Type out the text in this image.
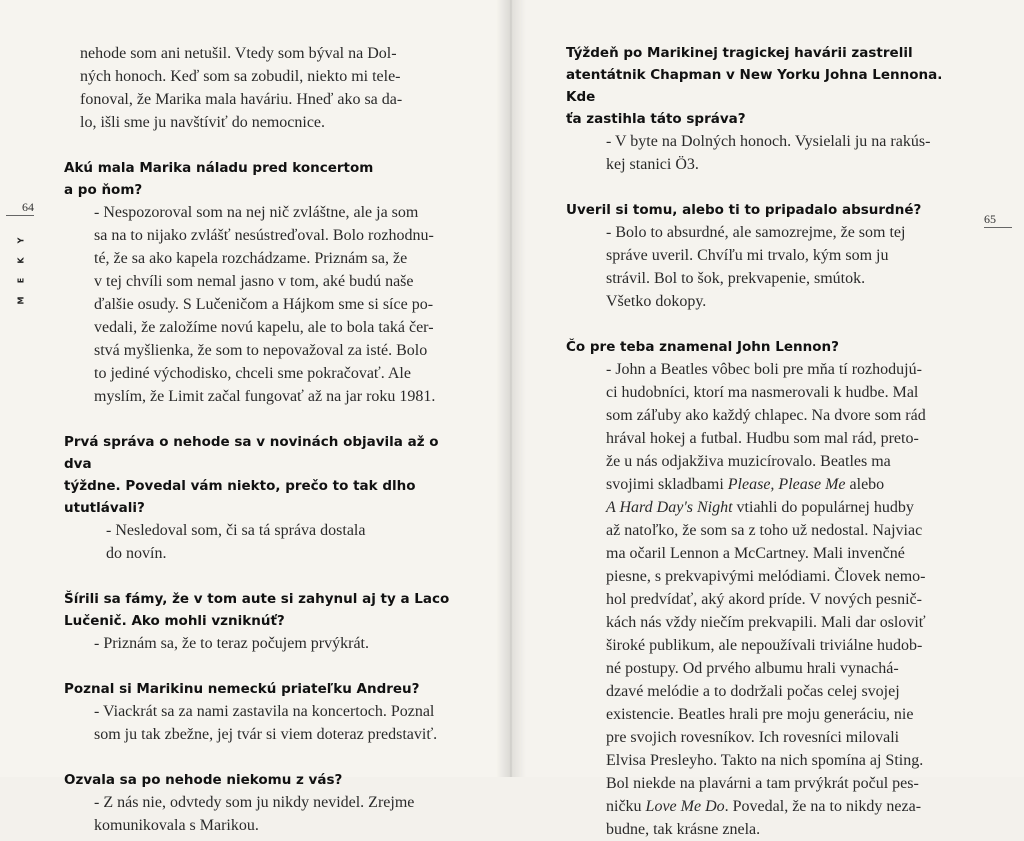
64
Y
K
E
M

nehode som ani netušil. Vtedy som býval na Dol-
ných honoch. Keď som sa zobudil, niekto mi tele-
fonoval, že Marika mala haváriu. Hneď ako sa da-
lo, išli sme ju navštíviť do nemocnice.

Akú mala Marika náladu pred koncertom
a po ňom?

- Nespozoroval som na nej nič zvláštne, ale ja som
sa na to nijako zvlášť nesústreďoval. Bolo rozhodnu-
té, že sa ako kapela rozchádzame. Priznám sa, že
v tej chvíli som nemal jasno v tom, aké budú naše
ďalšie osudy. S Lučeničom a Hájkom sme si síce po-
vedali, že založíme novú kapelu, ale to bola taká čer-
stvá myšlienka, že som to nepovažoval za isté. Bolo
to jediné východisko, chceli sme pokračovať. Ale
myslím, že Limit začal fungovať až na jar roku 1981.

Prvá správa o nehode sa v novinách objavila až o dva
týždne. Povedal vám niekto, prečo to tak dlho
ututlávali?

- Nesledoval som, či sa tá správa dostala
do novín.

Šírili sa fámy, že v tom aute si zahynul aj ty a Laco
Lučenič. Ako mohli vzniknúť?

- Priznám sa, že to teraz počujem prvýkrát.

Poznal si Marikinu nemeckú priateľku Andreu?

- Viackrát sa za nami zastavila na koncertoch. Poznal
som ju tak zbežne, jej tvár si viem doteraz predstaviť.

Ozvala sa po nehode niekomu z vás?

- Z nás nie, odvtedy som ju nikdy nevidel. Zrejme
komunikovala s Marikou.

65

Týždeň po Marikinej tragickej havárii zastrelil
atentátnik Chapman v New Yorku Johna Lennona. Kde
ťa zastihla táto správa?

- V byte na Dolných honoch. Vysielali ju na rakús-
kej stanici Ö3.

Uveril si tomu, alebo ti to pripadalo absurdné?

- Bolo to absurdné, ale samozrejme, že som tej
správe uveril. Chvíľu mi trvalo, kým som ju
strávil. Bol to šok, prekvapenie, smútok.
Všetko dokopy.

Čo pre teba znamenal John Lennon?

- John a Beatles vôbec boli pre mňa tí rozhodujú-
ci hudobníci, ktorí ma nasmerovali k hudbe. Mal
som záľuby ako každý chlapec. Na dvore som rád
hrával hokej a futbal. Hudbu som mal rád, preto-
že u nás odjakživa muzicírovalo. Beatles ma
svojimi skladbami Please, Please Me alebo
A Hard Day's Night vtiahli do populárnej hudby
až natoľko, že som sa z toho už nedostal. Najviac
ma očaril Lennon a McCartney. Mali invenčné
piesne, s prekvapivými melódiami. Človek nemo-
hol predvídať, aký akord príde. V nových pesnič-
kách nás vždy niečím prekvapili. Mali dar osloviť
široké publikum, ale nepoužívali triviálne hudob-
né postupy. Od prvého albumu hrali vynachá-
dzavé melódie a to dodržali počas celej svojej
existencie. Beatles hrali pre moju generáciu, nie
pre svojich rovesníkov. Ich rovesníci milovali
Elvisa Presleyho. Takto na nich spomína aj Sting.
Bol niekde na plavárni a tam prvýkrát počul pes-
ničku Love Me Do. Povedal, že na to nikdy neza-
budne, tak krásne znela.
